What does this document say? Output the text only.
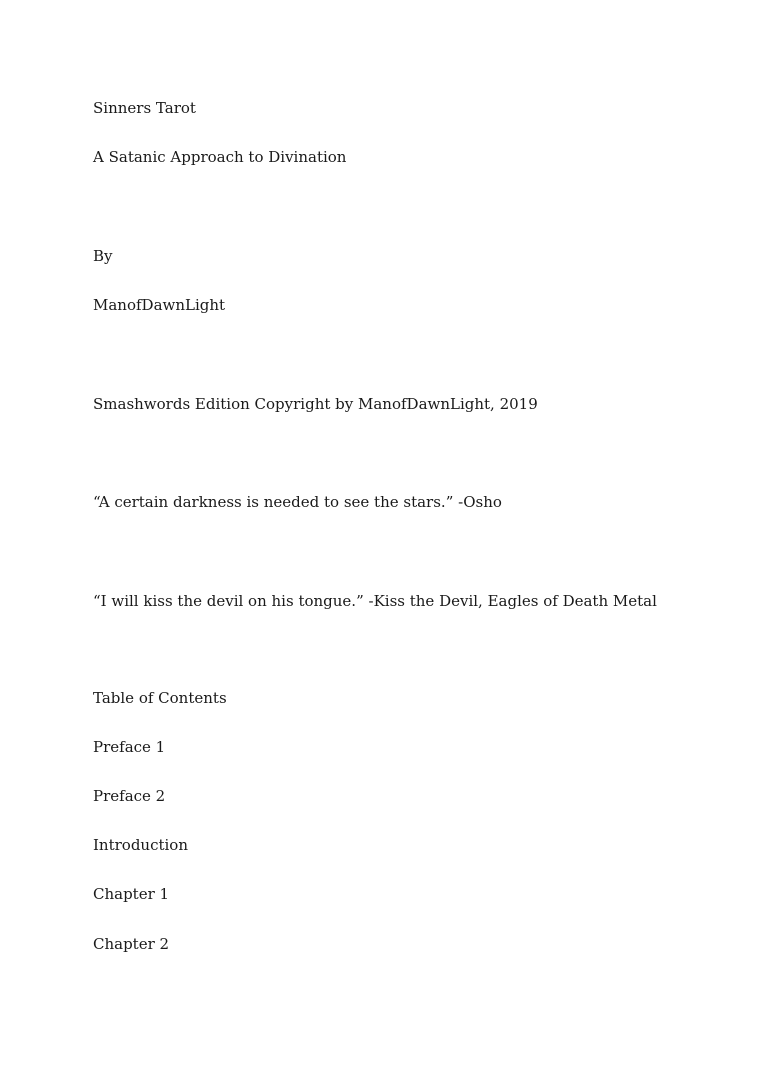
Sinners Tarot

A Satanic Approach to Divination

By

ManofDawnLight

Smashwords Edition Copyright by ManofDawnLight, 2019

“A certain darkness is needed to see the stars.” -Osho

“I will kiss the devil on his tongue.” -Kiss the Devil, Eagles of Death Metal

Table of Contents

Preface 1

Preface 2

Introduction

Chapter 1

Chapter 2
